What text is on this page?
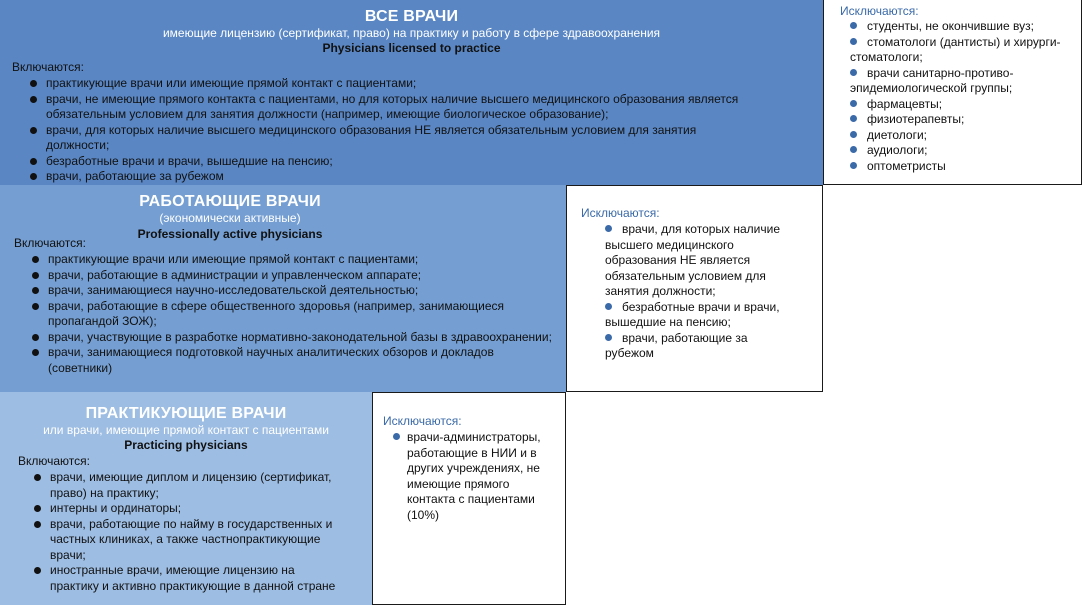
ВСЕ ВРАЧИ
имеющие лицензию (сертификат, право) на практику и работу в сфере здравоохранения
Physicians licensed to practice
Включаются:
практикующие врачи или имеющие прямой контакт с пациентами;
врачи, не имеющие прямого контакта с пациентами, но для которых наличие высшего медицинского образования является обязательным условием для занятия должности (например, имеющие биологическое образование);
врачи, для которых наличие высшего медицинского образования НЕ является обязательным условием для занятия должности;
безработные врачи и врачи, вышедшие на пенсию;
врачи, работающие за рубежом
Исключаются:
студенты, не окончившие вуз;
стоматологи (дантисты) и хирурги-стоматологи;
врачи санитарно-противо-эпидемиологической группы;
фармацевты;
физиотерапевты;
диетологи;
аудиологи;
оптометристы
РАБОТАЮЩИЕ ВРАЧИ
(экономически активные)
Professionally active physicians
Включаются:
практикующие врачи или имеющие прямой контакт с пациентами;
врачи, работающие в администрации и управленческом аппарате;
врачи, занимающиеся научно-исследовательской деятельностью;
врачи, работающие в сфере общественного здоровья (например, занимающиеся пропагандой ЗОЖ);
врачи, участвующие в разработке нормативно-законодательной базы в здравоохранении;
врачи, занимающиеся подготовкой научных аналитических обзоров и докладов (советники)
Исключаются:
врачи, для которых наличие высшего медицинского образования НЕ является обязательным условием для занятия должности;
безработные врачи и врачи, вышедшие на пенсию;
врачи, работающие за рубежом
ПРАКТИКУЮЩИЕ ВРАЧИ
или врачи, имеющие прямой контакт с пациентами
Practicing physicians
Включаются:
врачи, имеющие диплом и лицензию (сертификат, право) на практику;
интерны и ординаторы;
врачи, работающие по найму в государственных и частных клиниках, а также частнопрактикующие врачи;
иностранные врачи, имеющие лицензию на практику и активно практикующие в данной стране
Исключаются:
врачи-администраторы, работающие в НИИ и в других учреждениях, не имеющие прямого контакта с пациентами (10%)
